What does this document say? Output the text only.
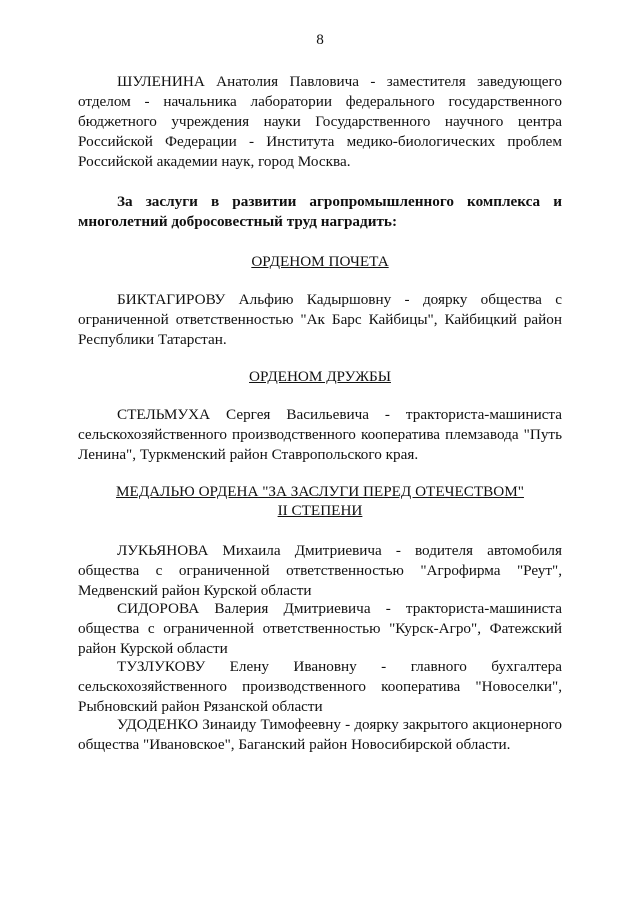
8

ШУЛЕНИНА Анатолия Павловича - заместителя заведующего отделом - начальника лаборатории федерального государственного бюджетного учреждения науки Государственного научного центра Российской Федерации - Института медико-биологических проблем Российской академии наук, город Москва.

За заслуги в развитии агропромышленного комплекса и многолетний добросовестный труд наградить:

ОРДЕНОМ ПОЧЕТА

БИКТАГИРОВУ Альфию Кадыршовну - доярку общества с ограниченной ответственностью "Ак Барс Кайбицы", Кайбицкий район Республики Татарстан.

ОРДЕНОМ ДРУЖБЫ

СТЕЛЬМУХА Сергея Васильевича - тракториста-машиниста сельскохозяйственного производственного кооператива племзавода "Путь Ленина", Туркменский район Ставропольского края.

МЕДАЛЬЮ ОРДЕНА "ЗА ЗАСЛУГИ ПЕРЕД ОТЕЧЕСТВОМ"
II СТЕПЕНИ

ЛУКЬЯНОВА Михаила Дмитриевича - водителя автомобиля общества с ограниченной ответственностью "Агрофирма "Реут", Медвенский район Курской области

СИДОРОВА Валерия Дмитриевича - тракториста-машиниста общества с ограниченной ответственностью "Курск-Агро", Фатежский район Курской области

ТУЗЛУКОВУ Елену Ивановну - главного бухгалтера сельскохозяйственного производственного кооператива "Новоселки", Рыбновский район Рязанской области

УДОДЕНКО Зинаиду Тимофеевну - доярку закрытого акционерного общества "Ивановское", Баганский район Новосибирской области.
